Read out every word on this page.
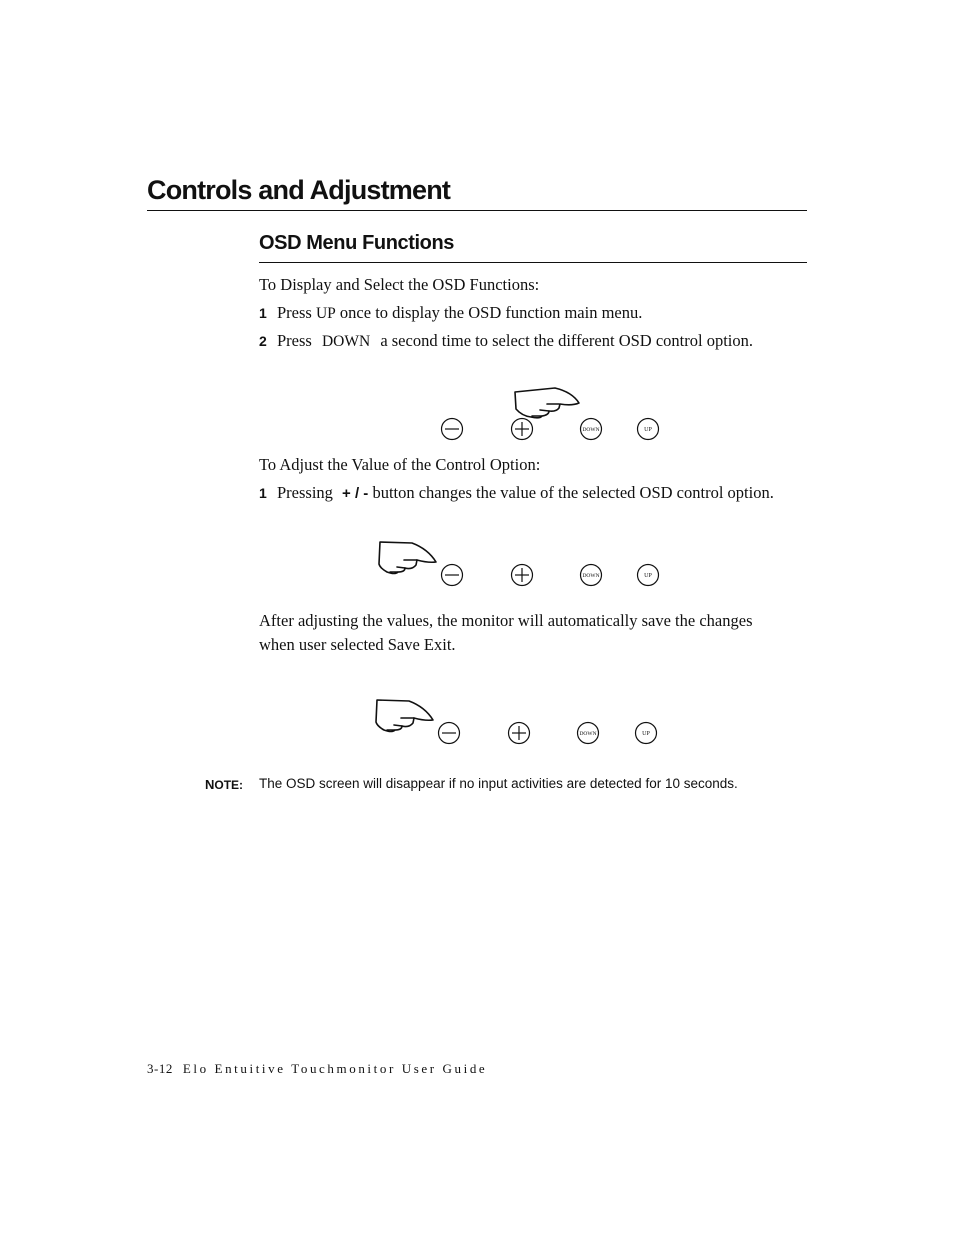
Controls and Adjustment
OSD Menu Functions
To Display and Select the OSD Functions:
1 Press UP once to display the OSD function main menu.
2 Press DOWN a second time to select the different OSD control option.
DOWN	UP
To Adjust the Value of the Control Option:
1 Pressing + / - button changes the value of the selected OSD control option.
DOWN	UP
After adjusting the values, the monitor will automatically save the changes
when user selected Save Exit.
DOWN	UP
NOTE: The OSD screen will disappear if no input activities are detected for 10 seconds.
3-12 Elo Entuitive Touchmonitor User Guide
